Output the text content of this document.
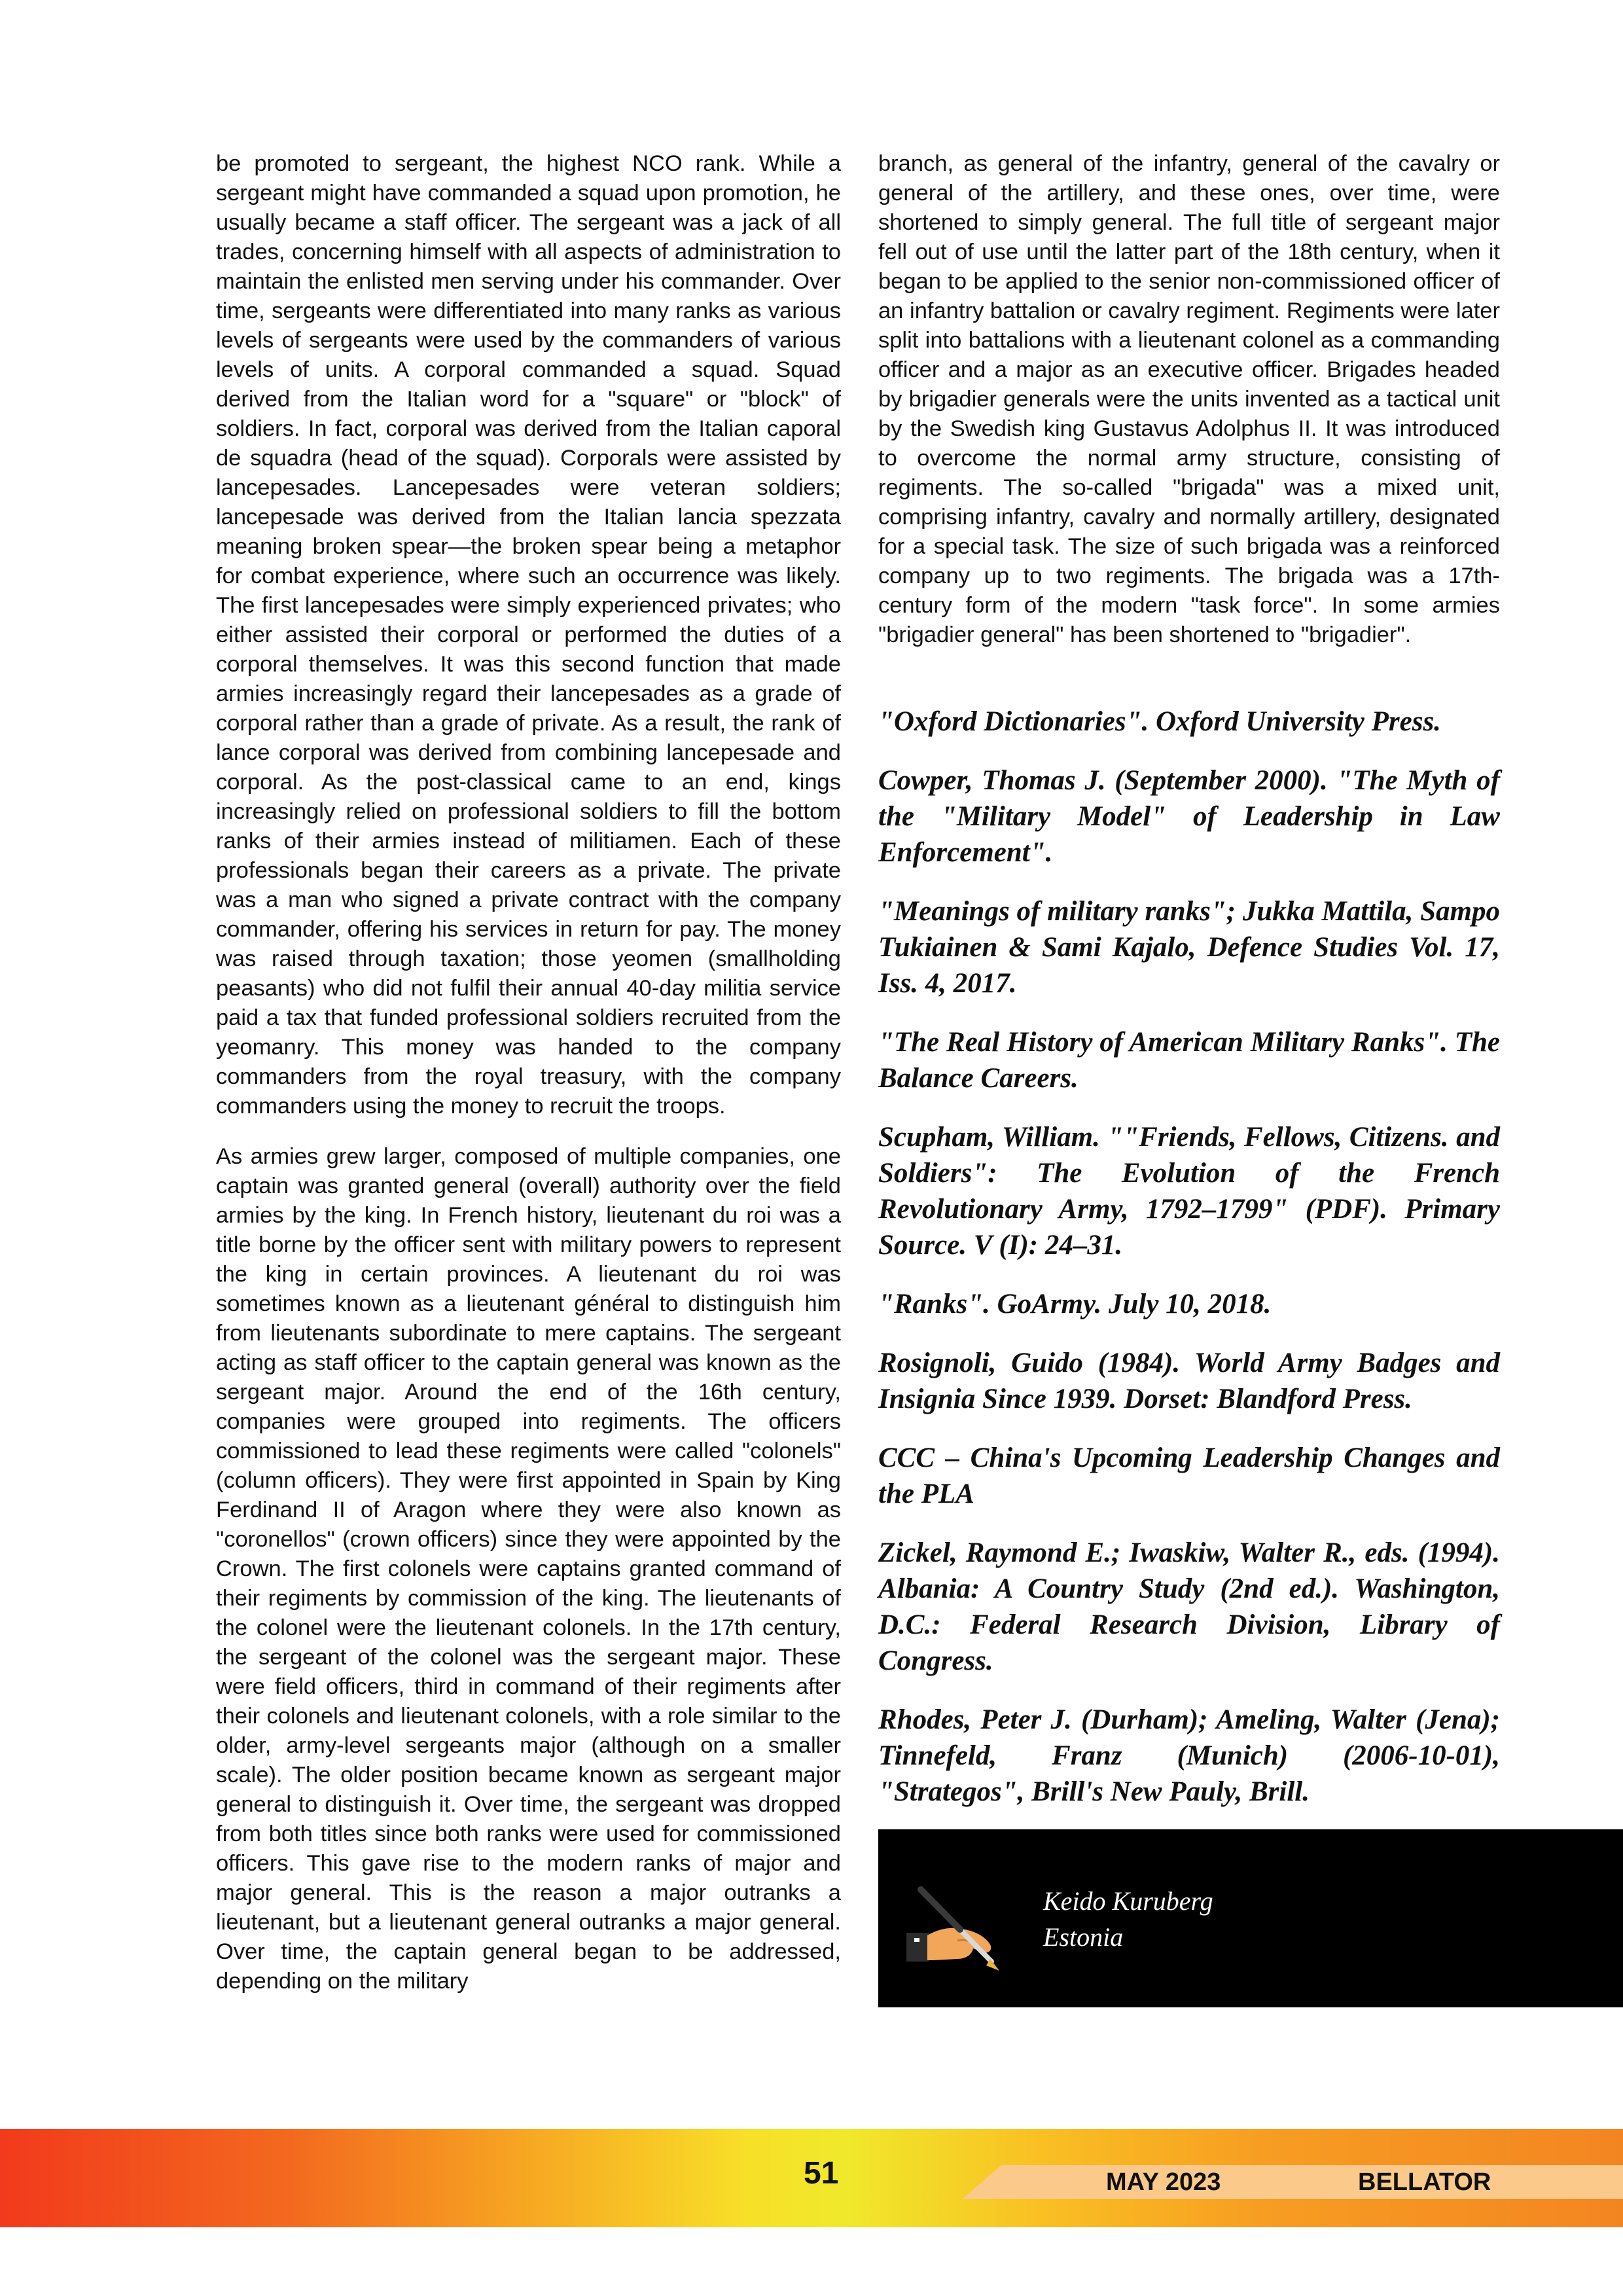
be promoted to sergeant, the highest NCO rank. While a sergeant might have commanded a squad upon promotion, he usually became a staff officer. The sergeant was a jack of all trades, concerning himself with all aspects of administration to maintain the enlisted men serving under his commander. Over time, sergeants were differentiated into many ranks as various levels of sergeants were used by the commanders of various levels of units. A corporal commanded a squad. Squad derived from the Italian word for a "square" or "block" of soldiers. In fact, corporal was derived from the Italian caporal de squadra (head of the squad). Corporals were assisted by lancepesades. Lancepesades were veteran soldiers; lancepesade was derived from the Italian lancia spezzata meaning broken spear—the broken spear being a metaphor for combat experience, where such an occurrence was likely. The first lancepesades were simply experienced privates; who either assisted their corporal or performed the duties of a corporal themselves. It was this second function that made armies increasingly regard their lancepesades as a grade of corporal rather than a grade of private. As a result, the rank of lance corporal was derived from combining lancepesade and corporal. As the post-classical came to an end, kings increasingly relied on professional soldiers to fill the bottom ranks of their armies instead of militiamen. Each of these professionals began their careers as a private. The private was a man who signed a private contract with the company commander, offering his services in return for pay. The money was raised through taxation; those yeomen (smallholding peasants) who did not fulfil their annual 40-day militia service paid a tax that funded professional soldiers recruited from the yeomanry. This money was handed to the company commanders from the royal treasury, with the company commanders using the money to recruit the troops.

As armies grew larger, composed of multiple companies, one captain was granted general (overall) authority over the field armies by the king. In French history, lieutenant du roi was a title borne by the officer sent with military powers to represent the king in certain provinces. A lieutenant du roi was sometimes known as a lieutenant général to distinguish him from lieutenants subordinate to mere captains. The sergeant acting as staff officer to the captain general was known as the sergeant major. Around the end of the 16th century, companies were grouped into regiments. The officers commissioned to lead these regiments were called "colonels" (column officers). They were first appointed in Spain by King Ferdinand II of Aragon where they were also known as "coronellos" (crown officers) since they were appointed by the Crown. The first colonels were captains granted command of their regiments by commission of the king. The lieutenants of the colonel were the lieutenant colonels. In the 17th century, the sergeant of the colonel was the sergeant major. These were field officers, third in command of their regiments after their colonels and lieutenant colonels, with a role similar to the older, army-level sergeants major (although on a smaller scale). The older position became known as sergeant major general to distinguish it. Over time, the sergeant was dropped from both titles since both ranks were used for commissioned officers. This gave rise to the modern ranks of major and major general. This is the reason a major outranks a lieutenant, but a lieutenant general outranks a major general. Over time, the captain general began to be addressed, depending on the military

branch, as general of the infantry, general of the cavalry or general of the artillery, and these ones, over time, were shortened to simply general. The full title of sergeant major fell out of use until the latter part of the 18th century, when it began to be applied to the senior non-commissioned officer of an infantry battalion or cavalry regiment. Regiments were later split into battalions with a lieutenant colonel as a commanding officer and a major as an executive officer. Brigades headed by brigadier generals were the units invented as a tactical unit by the Swedish king Gustavus Adolphus II. It was introduced to overcome the normal army structure, consisting of regiments. The so-called "brigada" was a mixed unit, comprising infantry, cavalry and normally artillery, designated for a special task. The size of such brigada was a reinforced company up to two regiments. The brigada was a 17th-century form of the modern "task force". In some armies "brigadier general" has been shortened to "brigadier".

"Oxford Dictionaries". Oxford University Press.

Cowper, Thomas J. (September 2000). "The Myth of the "Military Model" of Leadership in Law Enforcement".

"Meanings of military ranks"; Jukka Mattila, Sampo Tukiainen & Sami Kajalo, Defence Studies Vol. 17, Iss. 4, 2017.

"The Real History of American Military Ranks". The Balance Careers.

Scupham, William. ""Friends, Fellows, Citizens. and Soldiers": The Evolution of the French Revolutionary Army, 1792–1799" (PDF). Primary Source. V (I): 24–31.

"Ranks". GoArmy. July 10, 2018.

Rosignoli, Guido (1984). World Army Badges and Insignia Since 1939. Dorset: Blandford Press.

CCC – China's Upcoming Leadership Changes and the PLA

Zickel, Raymond E.; Iwaskiw, Walter R., eds. (1994). Albania: A Country Study (2nd ed.). Washington, D.C.: Federal Research Division, Library of Congress.

Rhodes, Peter J. (Durham); Ameling, Walter (Jena); Tinnefeld, Franz (Munich) (2006-10-01), "Strategos", Brill's New Pauly, Brill.

Keido Kuruberg
Estonia
51	MAY 2023	BELLATOR
